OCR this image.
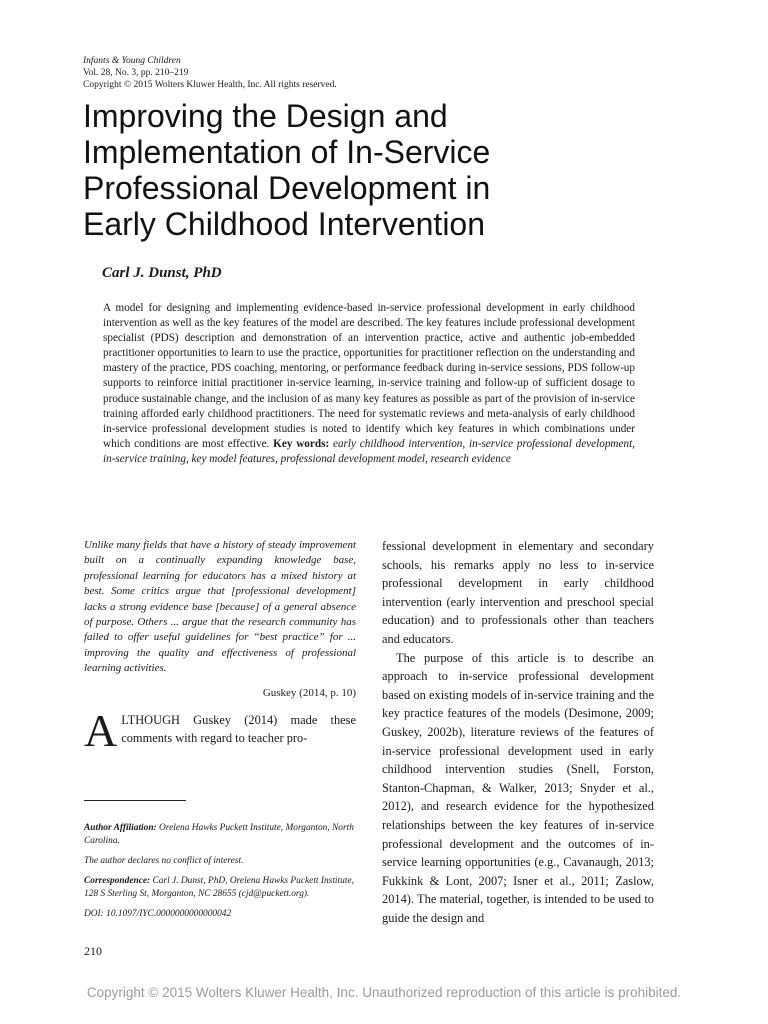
Infants & Young Children
Vol. 28, No. 3, pp. 210–219
Copyright © 2015 Wolters Kluwer Health, Inc. All rights reserved.
Improving the Design and
Implementation of In-Service
Professional Development in
Early Childhood Intervention
Carl J. Dunst, PhD
A model for designing and implementing evidence-based in-service professional development in early childhood intervention as well as the key features of the model are described. The key features include professional development specialist (PDS) description and demonstration of an intervention practice, active and authentic job-embedded practitioner opportunities to learn to use the practice, opportunities for practitioner reflection on the understanding and mastery of the practice, PDS coaching, mentoring, or performance feedback during in-service sessions, PDS follow-up supports to reinforce initial practitioner in-service learning, in-service training and follow-up of sufficient dosage to produce sustainable change, and the inclusion of as many key features as possible as part of the provision of in-service training afforded early childhood practitioners. The need for systematic reviews and meta-analysis of early childhood in-service professional development studies is noted to identify which key features in which combinations under which conditions are most effective. Key words: early childhood intervention, in-service professional development, in-service training, key model features, professional development model, research evidence
Unlike many fields that have a history of steady improvement built on a continually expanding knowledge base, professional learning for educators has a mixed history at best. Some critics argue that [professional development] lacks a strong evidence base [because] of a general absence of purpose. Others ... argue that the research community has failed to offer useful guidelines for “best practice” for ... improving the quality and effectiveness of professional learning activities.
Guskey (2014, p. 10)
ALTHOUGH Guskey (2014) made these comments with regard to teacher pro-

Author Affiliation: Orelena Hawks Puckett Institute, Morganton, North Carolina.

The author declares no conflict of interest.

Correspondence: Carl J. Dunst, PhD, Orelena Hawks Puckett Institute, 128 S Sterling St, Morganton, NC 28655 (cjd@puckett.org).

DOI: 10.1097/IYC.0000000000000042

210

fessional development in elementary and secondary schools, his remarks apply no less to in-service professional development in early childhood intervention (early intervention and preschool special education) and to professionals other than teachers and educators.

The purpose of this article is to describe an approach to in-service professional development based on existing models of in-service training and the key practice features of the models (Desimone, 2009; Guskey, 2002b), literature reviews of the features of in-service professional development used in early childhood intervention studies (Snell, Forston, Stanton-Chapman, & Walker, 2013; Snyder et al., 2012), and research evidence for the hypothesized relationships between the key features of in-service professional development and the outcomes of in-service learning opportunities (e.g., Cavanaugh, 2013; Fukkink & Lont, 2007; Isner et al., 2011; Zaslow, 2014). The material, together, is intended to be used to guide the design and

Copyright © 2015 Wolters Kluwer Health, Inc. Unauthorized reproduction of this article is prohibited.
